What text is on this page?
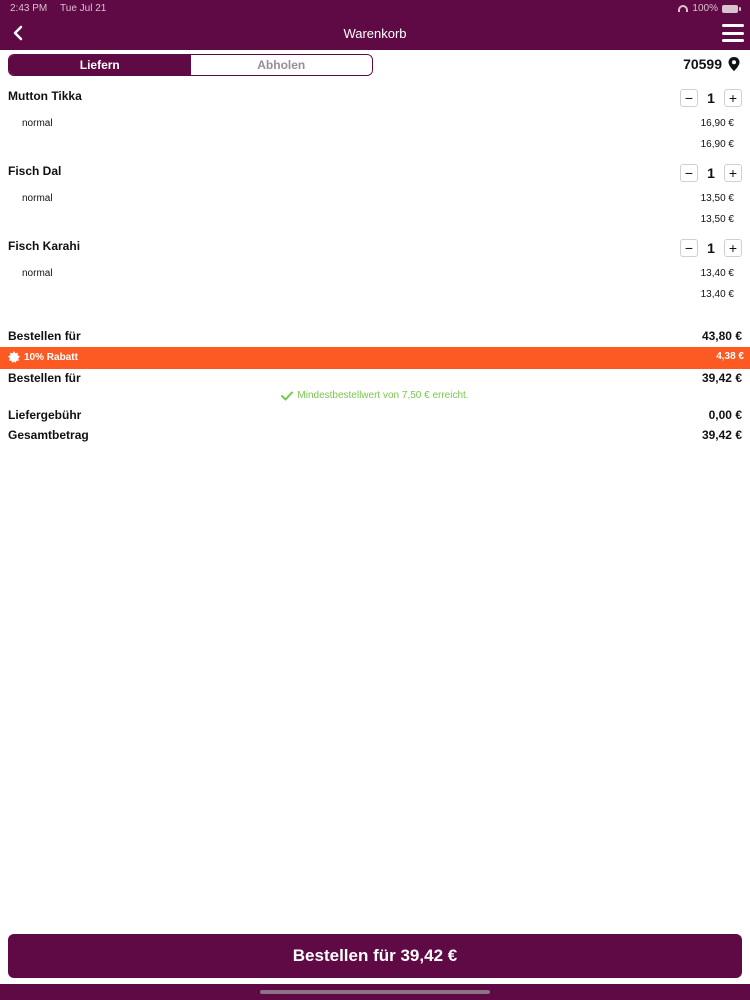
2:43 PM Tue Jul 21	100%
Warenkorb
Liefern	Abholen	70599
Mutton Tikka	− 1 +
normal	16,90 €
16,90 €
Fisch Dal	− 1 +
normal	13,50 €
13,50 €
Fisch Karahi	− 1 +
normal	13,40 €
13,40 €
Bestellen für	43,80 €
10% Rabatt	4,38 €
Bestellen für	39,42 €
Mindestbestellwert von 7,50 € erreicht.
Liefergebühr	0,00 €
Gesamtbetrag	39,42 €
Bestellen für 39,42 €
